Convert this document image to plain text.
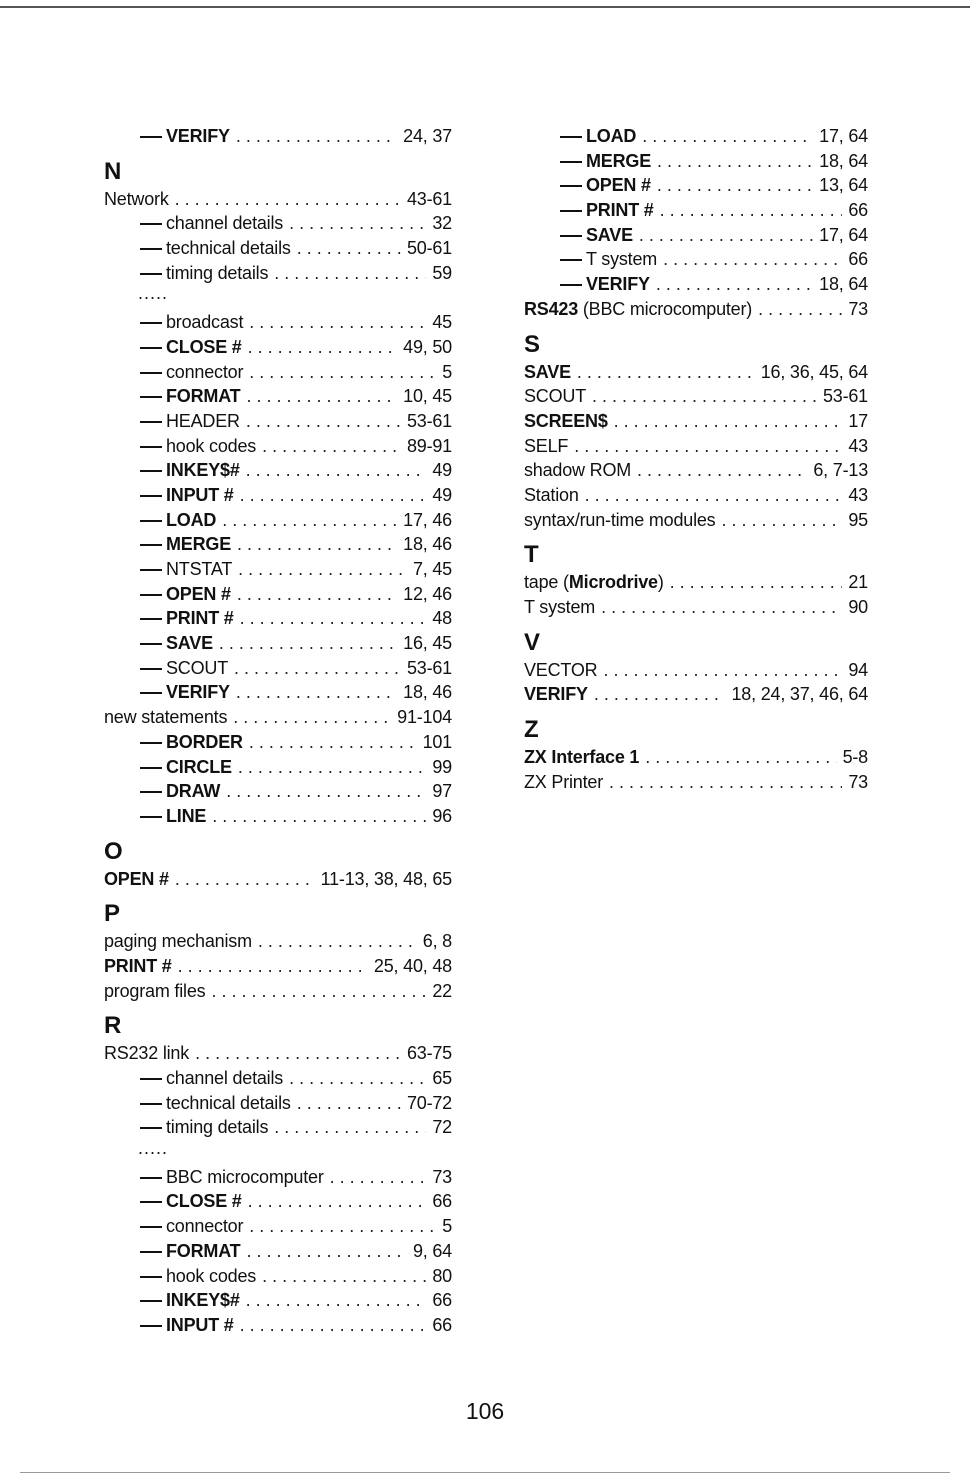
VERIFY . . .	24, 37
N
Network . . .	43-61
channel details . . .	32
technical details . . .	50-61
timing details . . .	59
.....
broadcast . . .	45
CLOSE # . . .	49, 50
connector . . .	5
FORMAT . . .	10, 45
HEADER . . .	53-61
hook codes . . .	89-91
INKEY$# . . .	49
INPUT # . . .	49
LOAD . . .	17, 46
MERGE . . .	18, 46
NTSTAT . . .	7, 45
OPEN # . . .	12, 46
PRINT # . . .	48
SAVE . . .	16, 45
SCOUT . . .	53-61
VERIFY . . .	18, 46
new statements . . .	91-104
BORDER . . .	101
CIRCLE . . .	99
DRAW . . .	97
LINE . . .	96
O
OPEN # . . .	11-13, 38, 48, 65
P
paging mechanism . . .	6, 8
PRINT # . . .	25, 40, 48
program files . . .	22
R
RS232 link . . .	63-75
channel details . . .	65
technical details . . .	70-72
timing details . . .	72
.....
BBC microcomputer . . .	73
CLOSE # . . .	66
connector . . .	5
FORMAT . . .	9, 64
hook codes . . .	80
INKEY$# . . .	66
INPUT # . . .	66
LOAD . . .	17, 64
MERGE . . .	18, 64
OPEN # . . .	13, 64
PRINT # . . .	66
SAVE . . .	17, 64
T system . . .	66
VERIFY . . .	18, 64
RS423 (BBC microcomputer) . . .	73
S
SAVE . . .	16, 36, 45, 64
SCOUT . . .	53-61
SCREEN$ . . .	17
SELF . . .	43
shadow ROM . . .	6, 7-13
Station . . .	43
syntax/run-time modules . . .	95
T
tape (Microdrive) . . .	21
T system . . .	90
V
VECTOR . . .	94
VERIFY . . .	18, 24, 37, 46, 64
Z
ZX Interface 1 . . .	5-8
ZX Printer . . .	73
106
